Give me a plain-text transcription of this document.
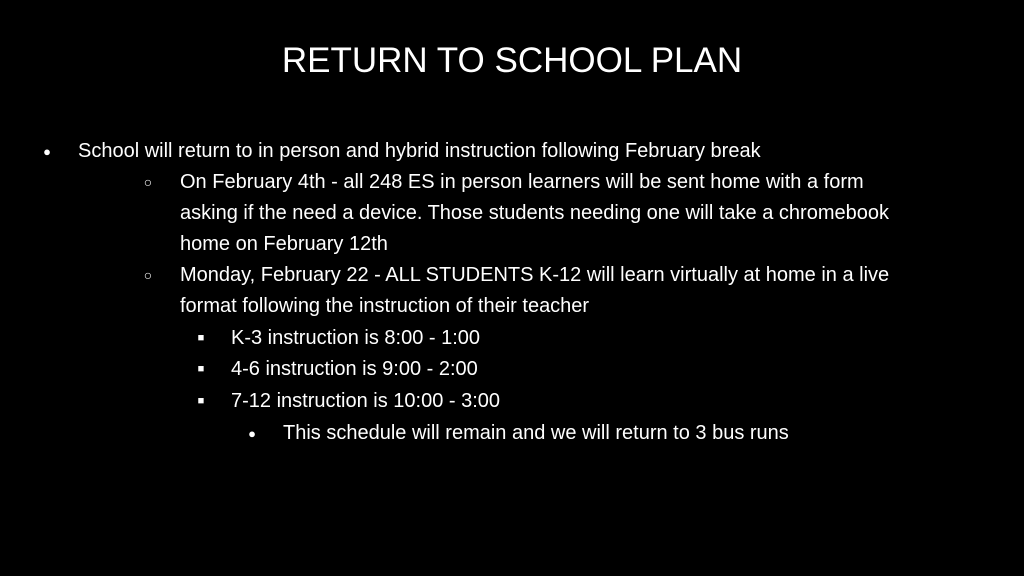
RETURN TO SCHOOL PLAN
● School will return to in person and hybrid instruction following February break
○ On February 4th - all 248 ES in person learners will be sent home with a form
asking if the need a device. Those students needing one will take a chromebook
home on February 12th
○ Monday, February 22 - ALL STUDENTS K-12 will learn virtually at home in a live
format following the instruction of their teacher
■ K-3 instruction is 8:00 - 1:00
■ 4-6 instruction is 9:00 - 2:00
■ 7-12 instruction is 10:00 - 3:00
● This schedule will remain and we will return to 3 bus runs
